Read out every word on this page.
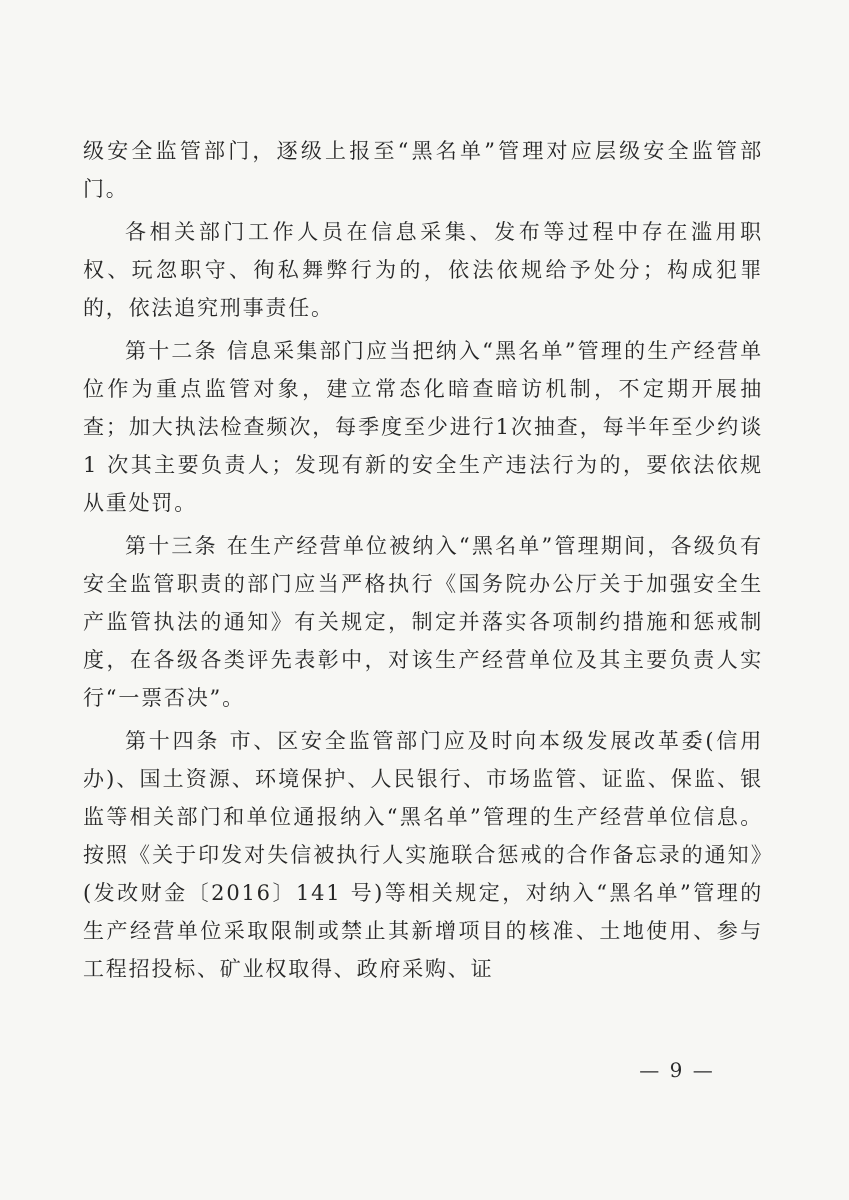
级安全监管部门，逐级上报至“黑名单”管理对应层级安全监管部门。

各相关部门工作人员在信息采集、发布等过程中存在滥用职权、玩忽职守、徇私舞弊行为的，依法依规给予处分；构成犯罪的，依法追究刑事责任。

第十二条 信息采集部门应当把纳入“黑名单”管理的生产经营单位作为重点监管对象，建立常态化暗查暗访机制，不定期开展抽查；加大执法检查频次，每季度至少进行1次抽查，每半年至少约谈 1 次其主要负责人；发现有新的安全生产违法行为的，要依法依规从重处罚。

第十三条 在生产经营单位被纳入“黑名单”管理期间，各级负有安全监管职责的部门应当严格执行《国务院办公厅关于加强安全生产监管执法的通知》有关规定，制定并落实各项制约措施和惩戒制度，在各级各类评先表彰中，对该生产经营单位及其主要负责人实行“一票否决”。

第十四条 市、区安全监管部门应及时向本级发展改革委(信用办)、国土资源、环境保护、人民银行、市场监管、证监、保监、银监等相关部门和单位通报纳入“黑名单”管理的生产经营单位信息。按照《关于印发对失信被执行人实施联合惩戒的合作备忘录的通知》(发改财金〔2016〕141 号)等相关规定，对纳入“黑名单”管理的生产经营单位采取限制或禁止其新增项目的核准、土地使用、参与工程招投标、矿业权取得、政府采购、证

— 9 —
